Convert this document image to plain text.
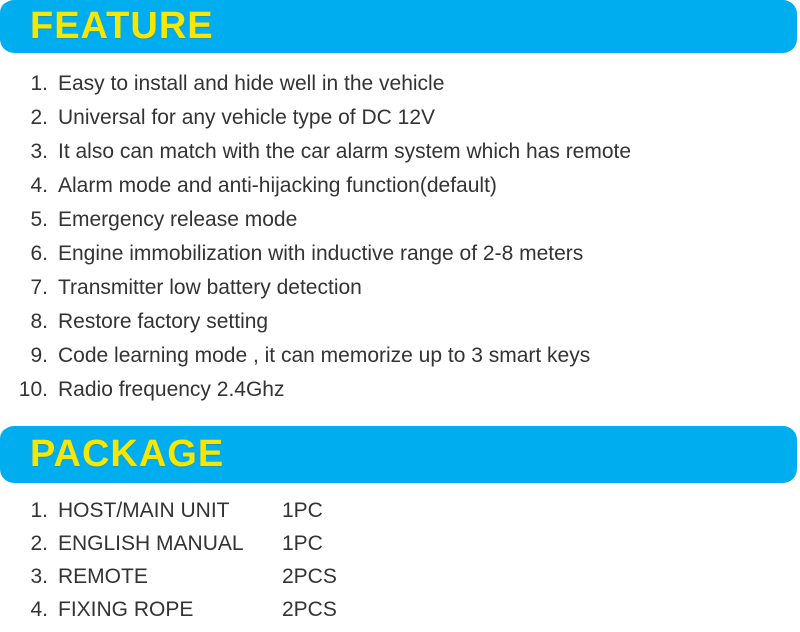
FEATURE
1. Easy to install and hide well in the vehicle
2. Universal for any vehicle type of DC 12V
3. It also can match with the car alarm system which has remote
4. Alarm mode and anti-hijacking function(default)
5. Emergency release mode
6. Engine immobilization with inductive range of 2-8 meters
7. Transmitter low battery detection
8. Restore factory setting
9. Code learning mode , it can memorize up to 3 smart keys
10. Radio frequency 2.4Ghz
PACKAGE
1. HOST/MAIN UNIT	1PC
2. ENGLISH MANUAL	1PC
3. REMOTE	2PCS
4. FIXING ROPE	2PCS
